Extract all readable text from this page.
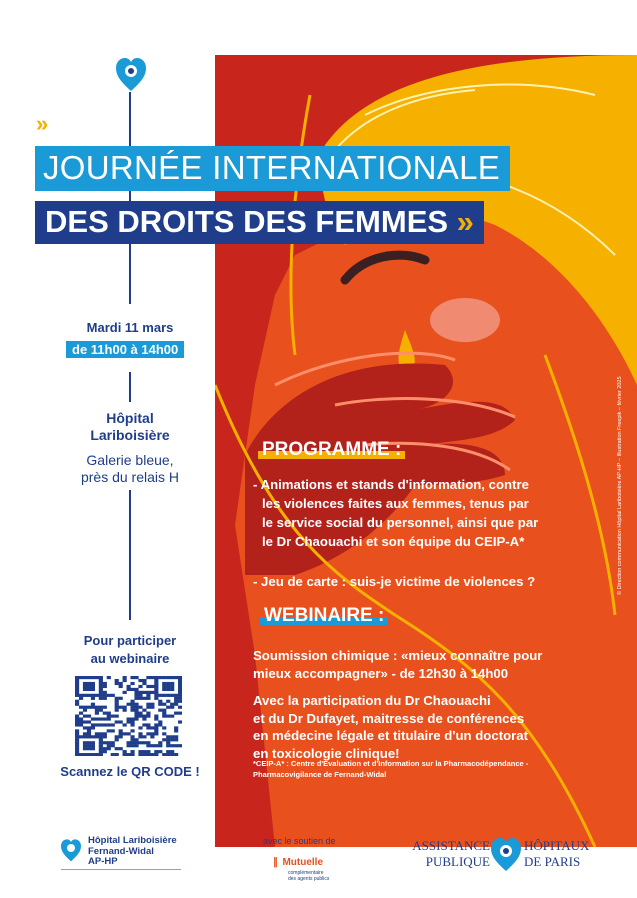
»
JOURNÉE INTERNATIONALE
DES DROITS DES FEMMES »
Mardi 11 mars
de 11h00 à 14h00
Hôpital
Lariboisière
Galerie bleue,
près du relais H
Pour participer
au webinaire
Scannez le QR CODE !
PROGRAMME :
- Animations et stands d'information, contre
les violences faites aux femmes, tenus par
le service social du personnel, ainsi que par
le Dr Chaouachi et son équipe du CEIP-A*
- Jeu de carte : suis-je victime de violences ?
WEBINAIRE :
Soumission chimique : «mieux connaître pour
mieux accompagner» - de 12h30 à 14h00
Avec la participation du Dr Chaouachi
et du Dr Dufayet, maitresse de conférences
en médecine légale et titulaire d'un doctorat
en toxicologie clinique!
*CEIP-A* : Centre d'Évaluation et d'Information sur la Pharmacodépendance -
Pharmacovigilance de Fernand-Widal
© Direction communication Hôpital Lariboisière AP-HP – Illustration Freepik – février 2025
Hôpital Lariboisière
Fernand-Widal
AP-HP
avec le soutien de
∥ Mutuelle
complémentaire
des agents publics
ASSISTANCE
PUBLIQUE
HÔPITAUX
DE PARIS
